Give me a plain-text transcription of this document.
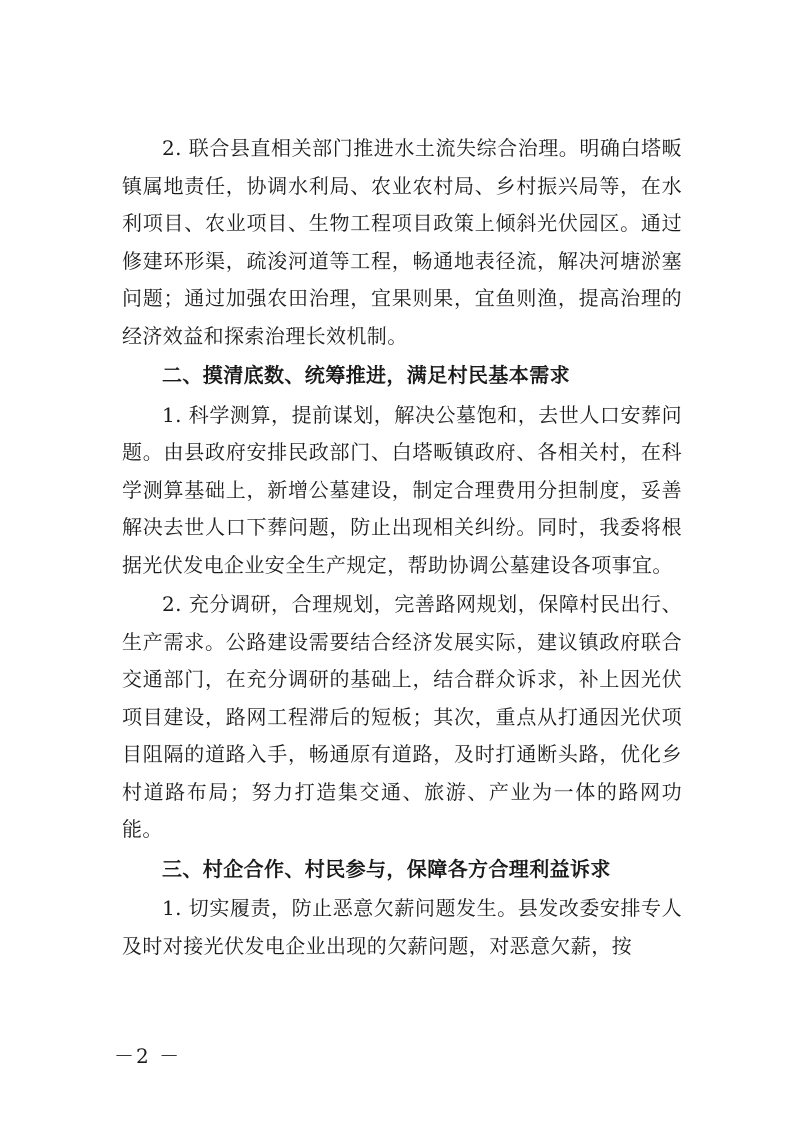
2. 联合县直相关部门推进水土流失综合治理。明确白塔畈镇属地责任，协调水利局、农业农村局、乡村振兴局等，在水利项目、农业项目、生物工程项目政策上倾斜光伏园区。通过修建环形渠，疏浚河道等工程，畅通地表径流，解决河塘淤塞问题；通过加强农田治理，宜果则果，宜鱼则渔，提高治理的经济效益和探索治理长效机制。

二、摸清底数、统筹推进，满足村民基本需求

1. 科学测算，提前谋划，解决公墓饱和，去世人口安葬问题。由县政府安排民政部门、白塔畈镇政府、各相关村，在科学测算基础上，新增公墓建设，制定合理费用分担制度，妥善解决去世人口下葬问题，防止出现相关纠纷。同时，我委将根据光伏发电企业安全生产规定，帮助协调公墓建设各项事宜。

2. 充分调研，合理规划，完善路网规划，保障村民出行、生产需求。公路建设需要结合经济发展实际，建议镇政府联合交通部门，在充分调研的基础上，结合群众诉求，补上因光伏项目建设，路网工程滞后的短板；其次，重点从打通因光伏项目阻隔的道路入手，畅通原有道路，及时打通断头路，优化乡村道路布局；努力打造集交通、旅游、产业为一体的路网功能。

三、村企合作、村民参与，保障各方合理利益诉求

1. 切实履责，防止恶意欠薪问题发生。县发改委安排专人及时对接光伏发电企业出现的欠薪问题，对恶意欠薪，按

－2 －
